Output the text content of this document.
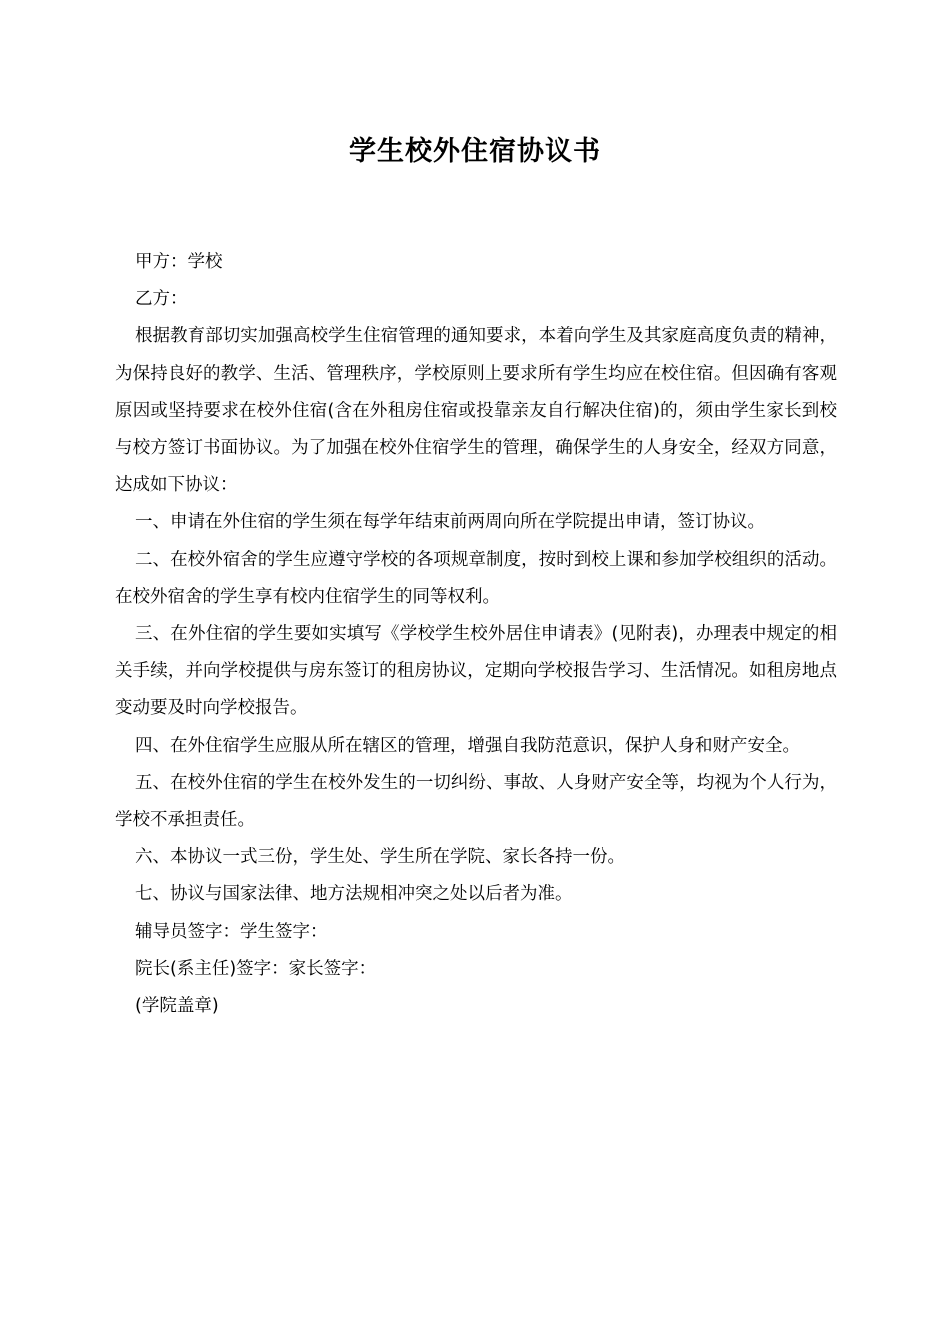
学生校外住宿协议书

甲方：学校

乙方：

根据教育部切实加强高校学生住宿管理的通知要求，本着向学生及其家庭高度负责的精神，为保持良好的教学、生活、管理秩序，学校原则上要求所有学生均应在校住宿。但因确有客观原因或坚持要求在校外住宿(含在外租房住宿或投靠亲友自行解决住宿)的，须由学生家长到校与校方签订书面协议。为了加强在校外住宿学生的管理，确保学生的人身安全，经双方同意，达成如下协议：

一、申请在外住宿的学生须在每学年结束前两周向所在学院提出申请，签订协议。

二、在校外宿舍的学生应遵守学校的各项规章制度，按时到校上课和参加学校组织的活动。在校外宿舍的学生享有校内住宿学生的同等权利。

三、在外住宿的学生要如实填写《学校学生校外居住申请表》(见附表)，办理表中规定的相关手续，并向学校提供与房东签订的租房协议，定期向学校报告学习、生活情况。如租房地点变动要及时向学校报告。

四、在外住宿学生应服从所在辖区的管理，增强自我防范意识，保护人身和财产安全。

五、在校外住宿的学生在校外发生的一切纠纷、事故、人身财产安全等，均视为个人行为，学校不承担责任。

六、本协议一式三份，学生处、学生所在学院、家长各持一份。

七、协议与国家法律、地方法规相冲突之处以后者为准。

辅导员签字：学生签字：

院长(系主任)签字：家长签字：

(学院盖章)
